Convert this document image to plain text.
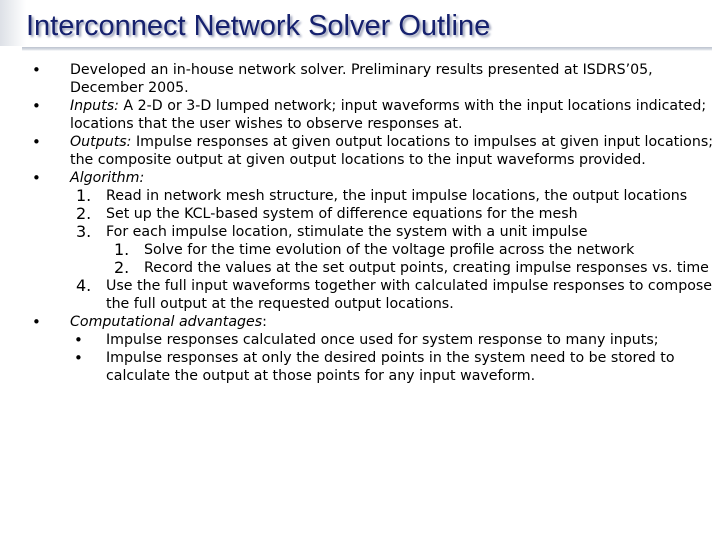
Interconnect Network Solver Outline

• Developed an in-house network solver. Preliminary results presented at ISDRS’05, December 2005.

• Inputs: A 2-D or 3-D lumped network; input waveforms with the input locations indicated; locations that the user wishes to observe responses at.

• Outputs: Impulse responses at given output locations to impulses at given input locations; the composite output at given output locations to the input waveforms provided.

• Algorithm:

1. Read in network mesh structure, the input impulse locations, the output locations

2. Set up the KCL-based system of difference equations for the mesh

3. For each impulse location, stimulate the system with a unit impulse

1. Solve for the time evolution of the voltage profile across the network

2. Record the values at the set output points, creating impulse responses vs. time

4. Use the full input waveforms together with calculated impulse responses to compose the full output at the requested output locations.

• Computational advantages:

• Impulse responses calculated once used for system response to many inputs;

• Impulse responses at only the desired points in the system need to be stored to calculate the output at those points for any input waveform.
